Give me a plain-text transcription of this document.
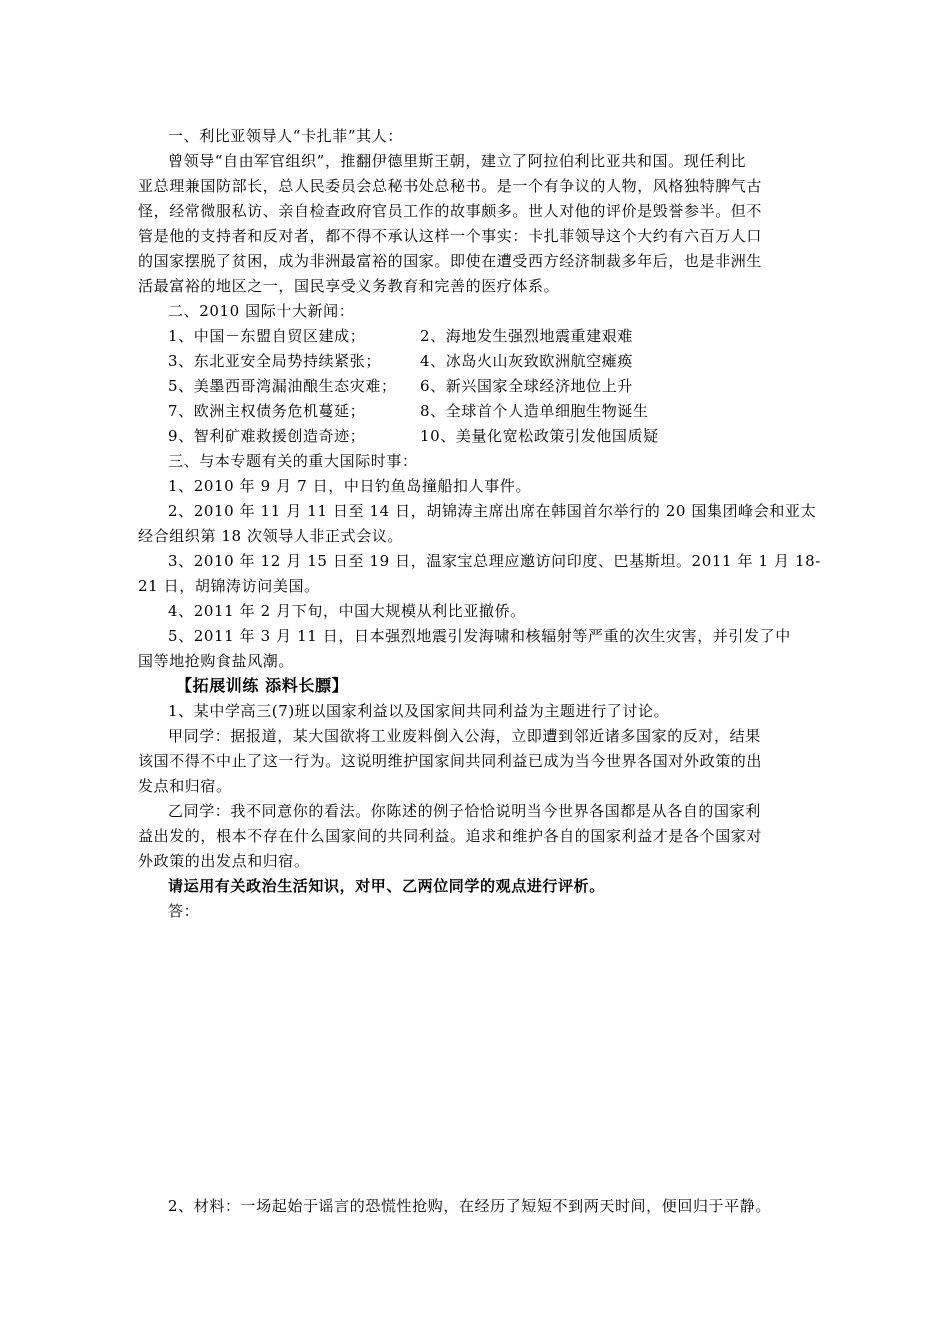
一、利比亚领导人“卡扎菲”其人：
曾领导“自由军官组织”，推翻伊德里斯王朝，建立了阿拉伯利比亚共和国。现任利比
亚总理兼国防部长，总人民委员会总秘书处总秘书。是一个有争议的人物，风格独特脾气古
怪，经常微服私访、亲自检查政府官员工作的故事颇多。世人对他的评价是毁誉参半。但不
管是他的支持者和反对者，都不得不承认这样一个事实：卡扎菲领导这个大约有六百万人口
的国家摆脱了贫困，成为非洲最富裕的国家。即使在遭受西方经济制裁多年后，也是非洲生
活最富裕的地区之一，国民享受义务教育和完善的医疗体系。
二、2010 国际十大新闻：
1、中国－东盟自贸区建成；	2、海地发生强烈地震重建艰难
3、东北亚安全局势持续紧张；	4、冰岛火山灰致欧洲航空瘫痪
5、美墨西哥湾漏油酿生态灾难； 6、新兴国家全球经济地位上升
7、欧洲主权债务危机蔓延；	8、全球首个人造单细胞生物诞生
9、智利矿难救援创造奇迹；	10、美量化宽松政策引发他国质疑
三、与本专题有关的重大国际时事：
1、2010 年 9 月 7 日，中日钓鱼岛撞船扣人事件。
2、2010 年 11 月 11 日至 14 日，胡锦涛主席出席在韩国首尔举行的 20 国集团峰会和亚太
经合组织第 18 次领导人非正式会议。
3、2010 年 12 月 15 日至 19 日，温家宝总理应邀访问印度、巴基斯坦。2011 年 1 月 18-
21 日，胡锦涛访问美国。
4、2011 年 2 月下旬，中国大规模从利比亚撤侨。
5、2011 年 3 月 11 日，日本强烈地震引发海啸和核辐射等严重的次生灾害，并引发了中
国等地抢购食盐风潮。
【拓展训练 添料长膘】
1、某中学高三(7)班以国家利益以及国家间共同利益为主题进行了讨论。
甲同学：据报道，某大国欲将工业废料倒入公海，立即遭到邻近诸多国家的反对，结果
该国不得不中止了这一行为。这说明维护国家间共同利益已成为当今世界各国对外政策的出
发点和归宿。
乙同学：我不同意你的看法。你陈述的例子恰恰说明当今世界各国都是从各自的国家利
益出发的，根本不存在什么国家间的共同利益。追求和维护各自的国家利益才是各个国家对
外政策的出发点和归宿。
请运用有关政治生活知识，对甲、乙两位同学的观点进行评析。
答：
2、材料：一场起始于谣言的恐慌性抢购，在经历了短短不到两天时间，便回归于平静。
